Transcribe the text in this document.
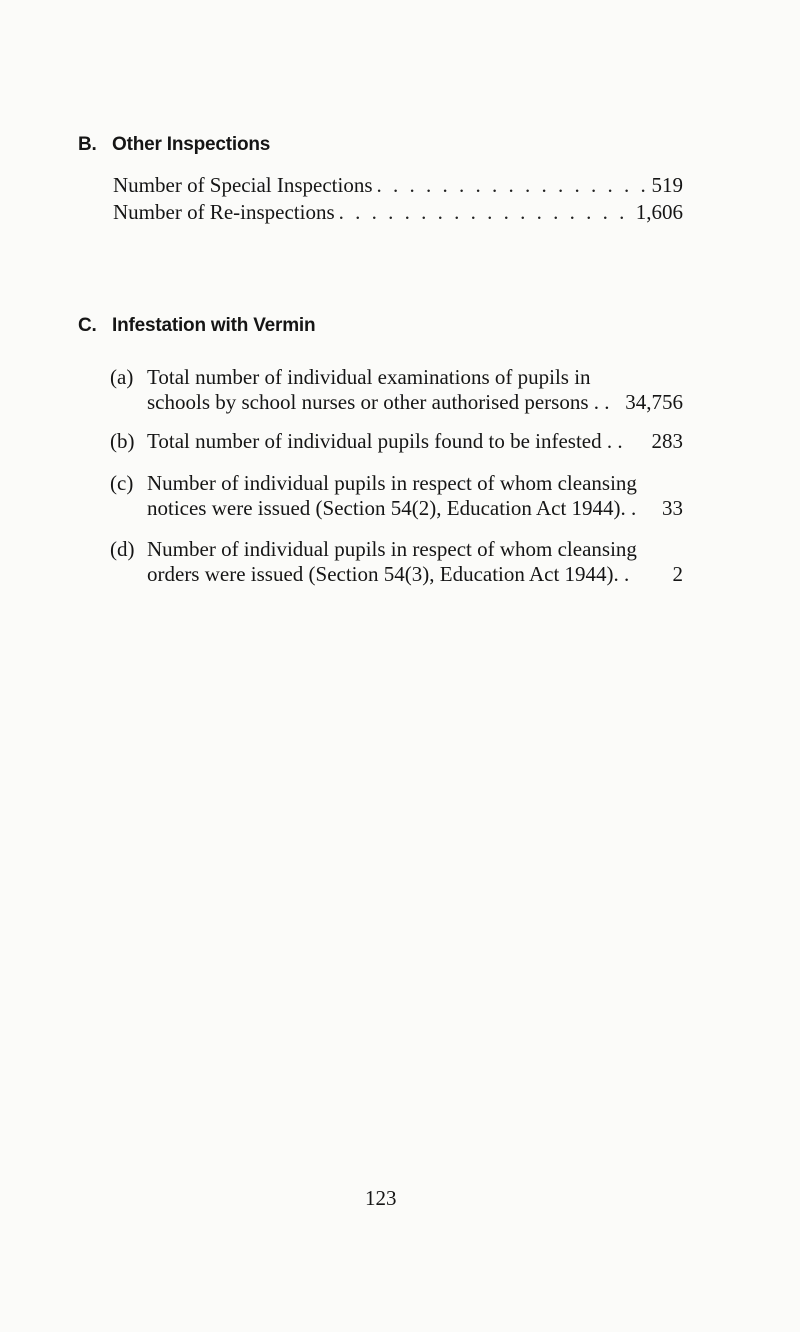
B. Other Inspections
Number of Special Inspections . . .	519
Number of Re-inspections . . .	1,606
C. Infestation with Vermin
(a) Total number of individual examinations of pupils in
schools by school nurses or other authorised persons . . 34,756
(b) Total number of individual pupils found to be infested . .	283
(c) Number of individual pupils in respect of whom cleansing
notices were issued (Section 54(2), Education Act 1944). .	33
(d) Number of individual pupils in respect of whom cleansing
orders were issued (Section 54(3), Education Act 1944). .	2
123
